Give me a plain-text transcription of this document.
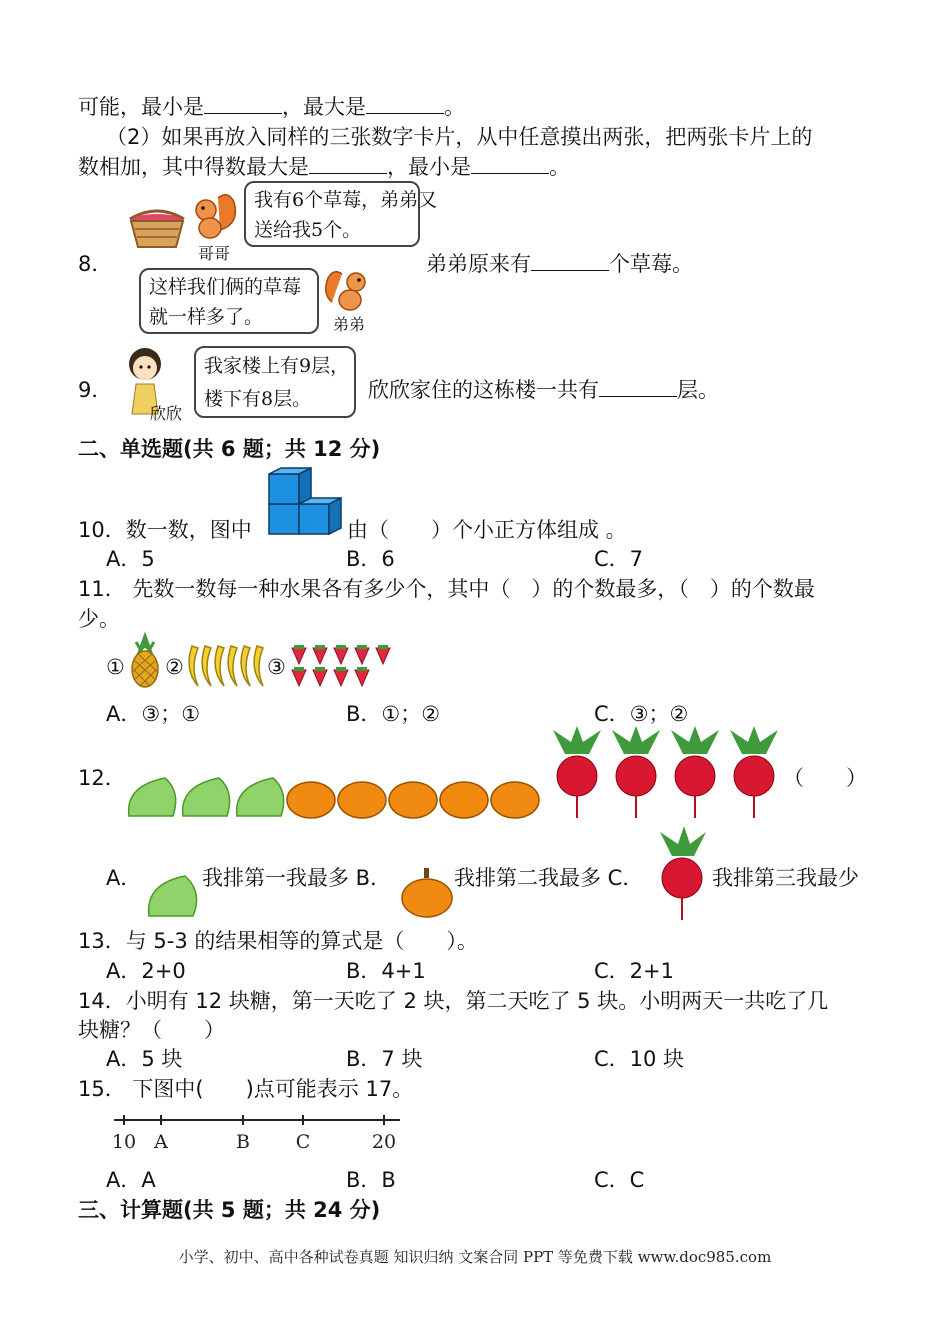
可能，最小是	，最大是	。
（2）如果再放入同样的三张数字卡片，从中任意摸出两张，把两张卡片上的
数相加，其中得数最大是	，最小是	。
8．	哥哥
我有6个草莓，弟弟又
送给我5个。
这样我们俩的草莓
就一样多了。	弟弟
弟弟原来有	个草莓。
9．
欣欣
我家楼上有9层，
楼下有8层。	欣欣家住的这栋楼一共有	层。
二、单选题(共 6 题；共 12 分)
10．数一数，图中	由（　　）个小正方体组成 。
A．5	B．6	C．7
11． 先数一数每一种水果各有多少个，其中（　）的个数最多，（　）的个数最
少。
① ②	③
A．③；①	B．①；②	C．③；②
12．	（　　）
A．	我排第一我最多 B．	我排第二我最多 C．	我排第三我最少
13．与 5-3 的结果相等的算式是（　　）。
A．2+0	B．4+1	C．2+1
14．小明有 12 块糖，第一天吃了 2 块，第二天吃了 5 块。小明两天一共吃了几
块糖？（　　）
A．5 块	B．7 块	C．10 块
15． 下图中(　　)点可能表示 17。
10 A	B C	20
A．A	B．B	C．C
三、计算题(共 5 题；共 24 分)
小学、初中、高中各种试卷真题 知识归纳 文案合同 PPT 等免费下载 www.doc985.com
